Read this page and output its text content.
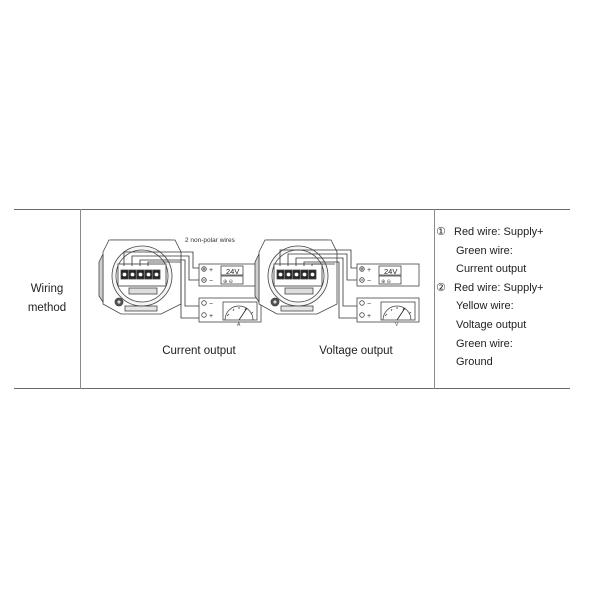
Wiring
method
+
−
−
+
2 non-polar wires
24V
⊕ ⊖
A
+
−
−
+
24V
⊕ ⊖
V
Current output	Voltage output
① Red wire: Supply+
Green wire:
Current output
② Red wire: Supply+
Yellow wire:
Voltage output
Green wire:
Ground
